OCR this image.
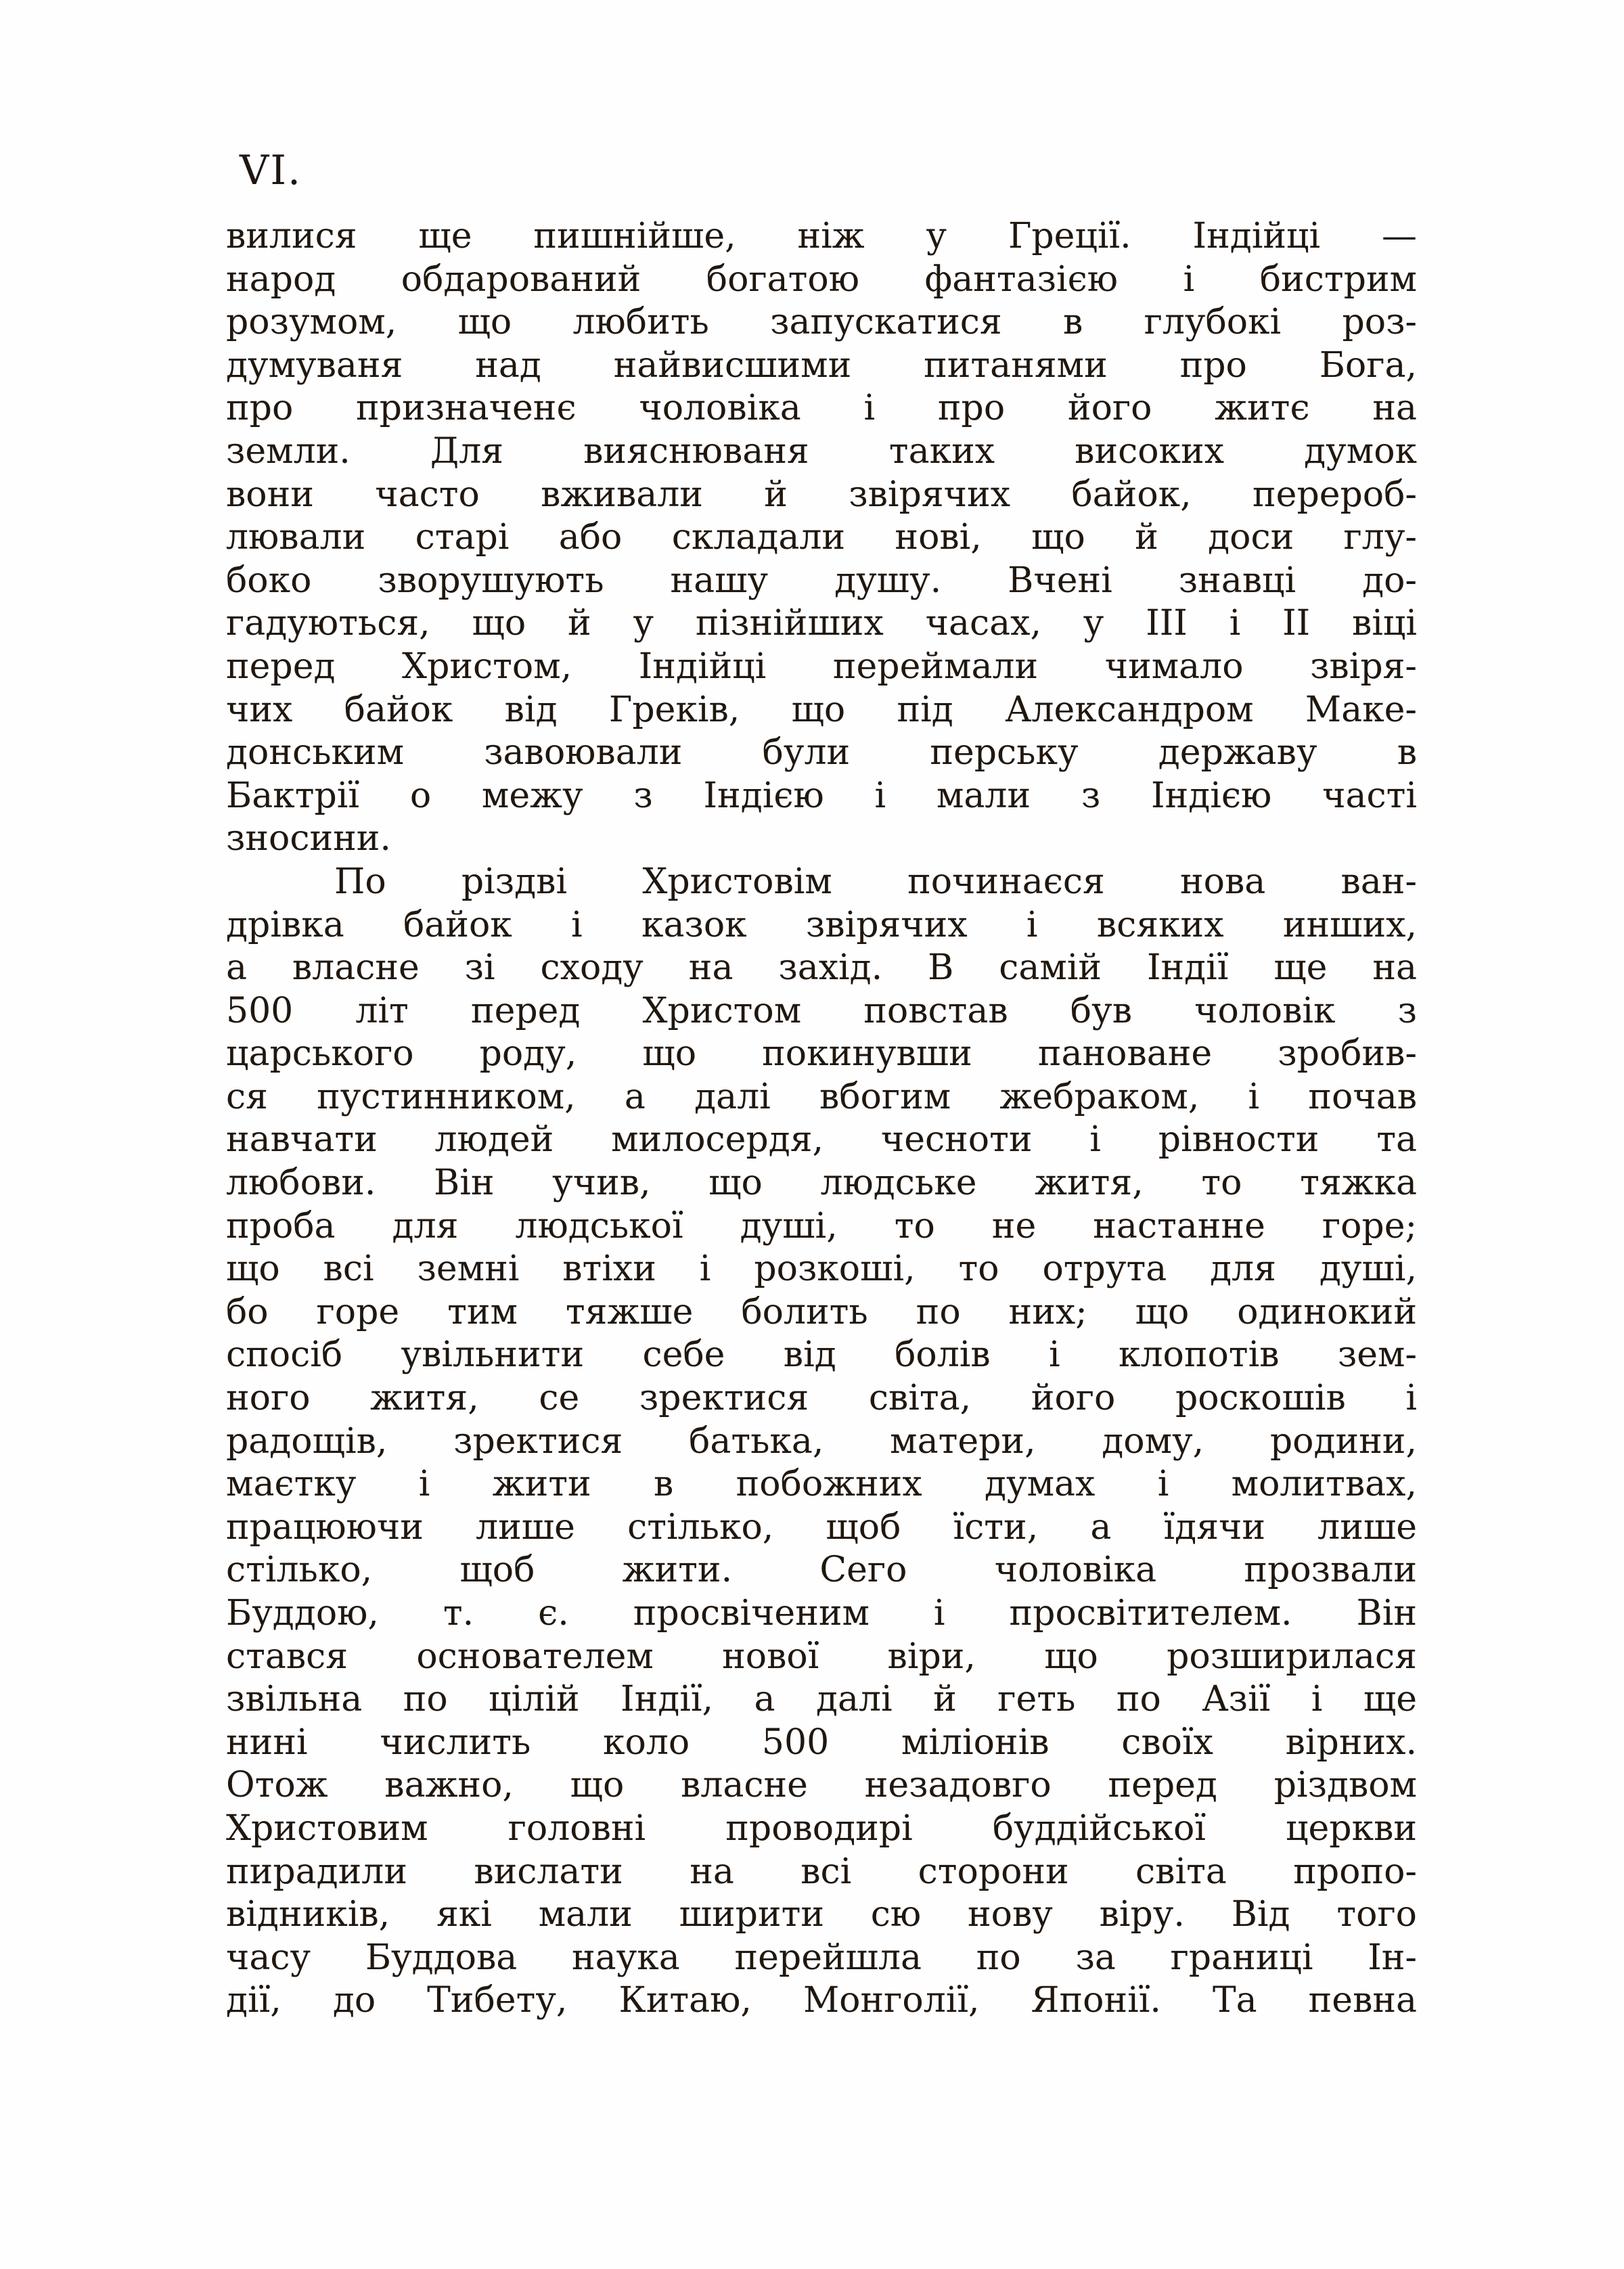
VI.
вилися ще пишнійше, ніж у Греції. Індійці —
народ обдарований богатою фантазією і бистрим
розумом, що любить запускатися в глубокі роз-
думуваня над найвисшими питанями про Бога,
про призначенє чоловіка і про його житє на
земли. Для вияснюваня таких високих думок
вони часто вживали й звірячих байок, перероб-
лювали старі або складали нові, що й доси глу-
боко зворушують нашу душу. Вчені знавці до-
гадуються, що й у пізнійших часах, у III і II віці
перед Христом, Індійці переймали чимало звіря-
чих байок від Греків, що під Александром Маке-
донським завоювали були перську державу в
Бактрії о межу з Індією і мали з Індією часті
зносини.
По різдві Христовім починаєся нова ван-
дрівка байок і казок звірячих і всяких инших,
а власне зі сходу на захід. В самій Індії ще на
500 літ перед Христом повстав був чоловік з
царського роду, що покинувши пановане зробив-
ся пустинником, а далі вбогим жебраком, і почав
навчати людей милосердя, чесноти і рівности та
любови. Він учив, що людське житя, то тяжка
проба для людської душі, то не настанне горе;
що всі земні втіхи і розкоші, то отрута для душі,
бо горе тим тяжше болить по них; що одинокий
спосіб увільнити себе від болів і клопотів зем-
ного житя, се зректися світа, його роскошів і
радощів, зректися батька, матери, дому, родини,
маєтку і жити в побожних думах і молитвах,
працюючи лише стілько, щоб їсти, а їдячи лише
стілько, щоб жити. Сего чоловіка прозвали
Буддою, т. є. просвіченим і просвітителем. Він
стався основателем нової віри, що розширилася
звільна по цілій Індії, а далі й геть по Азії і ще
нині числить коло 500 міліонів своїх вірних.
Отож важно, що власне незадовго перед різдвом
Христовим головні проводирі буддійської церкви
пирадили вислати на всі сторони світа пропо-
відників, які мали ширити сю нову віру. Від того
часу Буддова наука перейшла по за границі Ін-
дії, до Тибету, Китаю, Монголії, Японії. Та певна
